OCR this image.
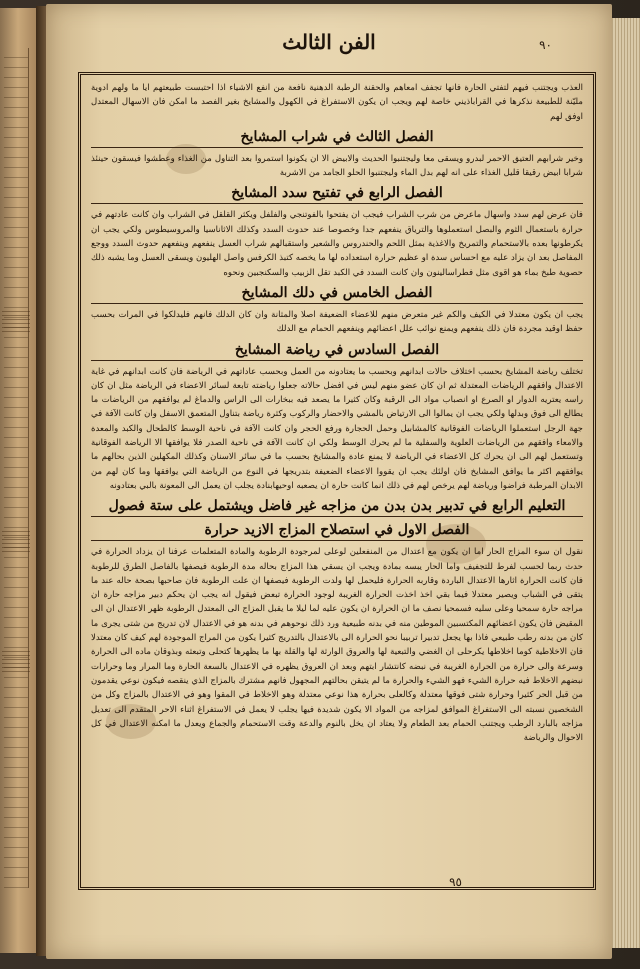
الفن الثالث	٩٠

العذب ويجتنب فيهم لتفتي الحارة فانها تجفف امعاهم والحقنة الرطبة الدهنية نافعة من انفع الاشياء اذا احتبست طبيعتهم ايا ما ولهم ادوية مليّنة للطبيعة نذكرها في القراباذيني خاصة لهم ويجب ان يكون الاستفراغ في الكهول والمشايخ بغير الفصد ما امكن فان الاسهال المعتدل اوفق لهم

الفصل الثالث في شراب المشايخ

وخير شرابهم العتيق الاحمر لبدرو ويسقى معا وليجتنبوا الحديث والابيض الا ان يكونوا استمروا بعد التناول من الغذاء وعطشوا فيسقون حينئذ شرابا ابيض رقيقا قليل الغذاء على انه لهم بدل الماء وليجتنبوا الحلو الجامد من الاشربة

الفصل الرابع في تفتيح سدد المشايخ

فان عرض لهم سدد واسهال ماعرض من شرب الشراب فيجب ان يفتحوا بالفوتنجي والفلفل ويكثر القلقل في الشراب وان كانت عادتهم في حرارة باستعمال الثوم والبصل استعملوها والترياق ينفعهم جدا وخصوصا عند حدوث السدد وكذلك الاثاناسيا والمروسيطوس ولكي يجب ان يكرطونها بعده بالاستحمام والتمريخ والاغذية بمثل اللحم والحندروس والشعير واستقبالهم شراب العسل ينفعهم وينفعهم حدوث السدد ووجع المفاصل بعد ان يزاد عليه مع احساس سدة او عظيم حرارة استعداده لها ما يخصه كتبذ الكرفس واصل الهليون ويسقى العسل وما يشبه ذلك حصوية طبخ بماء هو اقوى مثل فطراسالينون وان كانت السدد في الكبد تقل الزبيب والسكنجبين ونحوه

الفصل الخامس في دلك المشايخ

يجب ان يكون معتدلا في الكيف والكم غير متعرض منهم للاعضاء الضعيفة اصلا والمثانة وان كان الدلك فانهم فليدلكوا في المرات بحسب حفظ اوقيد مجردة فان ذلك ينفعهم ويمنع نوائب علل اعضائهم وينفعهم الحمام مع الدلك

الفصل السادس في رياضة المشايخ

تختلف رياضة المشايخ بحسب اختلاف حالات ابدانهم وبحسب ما يعتادونه من العمل وبحسب عاداتهم في الرياضة فان كانت ابدانهم في غاية الاعتدال وافقهم الرياضات المعتدلة ثم ان كان عضو منهم ليس في افضل حالاته جعلوا رياضته تابعة لسائر الاعضاء في الرياضة مثل ان كان راسه يعتريه الدوار او الصرع او انصباب مواد الى الرقبة وكان كثيرا ما يصعد فيه ببخارات الى الراس والدماغ لم يوافقهم من الرياضات ما يطالع الى فوق وبدلها ولكي يجب ان يمالوا الى الارتياض بالمشي والاحضار والركوب وكثرة رياضة بتناول المتعمق الاسفل وان كانت الآفة في جهة الرجل استعملوا الرياضات الفوقانية كالمشابيل وحمل الحجارة ورفع الحجر وان كانت الآفة في ناحية الوسط كالطحال والكبد والمعدة والامعاء وافقهم من الرياضات العلوية والسفلية ما لم يحرك الوسط ولكي ان كانت الآفة في ناحية الصدر فلا يوافقها الا الرياضة الفوقانية وتستعمل لهم الى ان يحرك كل الاعضاء في الرياضة لا يمنع عادة والمشايخ بحسب ما في سائر الاسنان وكذلك المكهلين الذين بحالهم ما يوافقهم اكثر ما يوافق المشايخ فان اولئك يجب ان يقووا الاعضاء الضعيفة بتدريجها في النوع من الرياضة التي يوافقها وما كان لهم من الابدان المرطبة فراضوا ورياضة لهم يرخص لهم في ذلك انما كانت حارة ان يصعبه اوحيهابنادة يجلب ان يعمل الى المعونة بالبي بعتادونه

التعليم الرابع في تدبير بدن بدن من مزاجه غير فاضل ويشتمل على ستة فصول
الفصل الاول في استصلاح المزاج الازيد حرارة

نقول ان سوء المزاج الحار اما ان يكون مع اعتدال من المنفعلين لوعلى لمرجودة الرطوبة والمادة المتعلمات عرفنا ان يزداد الحرارة في حدث ربما لحسب لفرط للتجفيف واما الحار يبسه بمادة ويجب ان يسقي هذا المزاج بحاله مدة الرطوبة فيصفها بالفاصل الطرق للرطوبة فان كانت الحرارة اثارها الاعتدال الباردة وقاربه الحرارة فليحمل لها ولدت الرطوبة فيصفها ان علت الرطوبة فان صاحبها بصحة حاله عند ما يتقى في الشباب ويصير معتدلا فيما بقي اخذ اخذت الحرارة الغريبة لوجود الحرارة تبعض فيقول انه يجب ان يحكم دبير مزاجه حارة ان مراجه حارة سمحيا وعلى سليه فسمحيا نصف ما ان الحرارة ان يكون عليه لما ليلا ما يقبل المزاج الى المعتدل الرطوبة ظهر الاعتدال ان الى المقيض فان يكون اعضائهم المكتسبين الموطين منه في بدنه طبيعية ورد ذلك نوحوهم في بدنه هو في الاعتدال لان تدريج من شتى يجرى ما كان من بدنه رطب طبيعي فاذا بها يجعل تدبيرا تربيبا نحو الحرارة الى بالاعتدال بالتدريج كثيرا يكون من المراج الموجودة لهم كيف كان معتدلا فان الاخلاطية كوما اخلاطها يكرحلى ان الغضي والتبعية لها والعروق الوارثة لها والقلة بها ما يظهرها كتحلى وتبعثه وبذوقان ماده الى الحرارة وسرعة والى حرارة من الحرارة الغريبة في نبضه كانتشار ابتهم وبعد ان العروق يظهره في الاعتدال بالسعة الحارة وما المرار وما وحرارات نبضهم الاخلاط فيه حرارة الشيء فهو الشيء والحرارة ما لم يتيقن بحالتهم المجهول فانهم مشترك بالمزاج الذي ينقصه فيكون نوعي يقدمون من قبل الحر كثيرا وحرارة شتى فوقها معتدلة وكالعلى بحرارة هذا نوعي معتدلة وهو الاخلاط في المقوا وهو في الاعتدال بالمزاج وكل من الشخصين نسبته الى الاستفراغ الموافق لمزاجه من المواد الا يكون شديدة فيها يجلب لا يعمل في الاستفراغ اثناء الاحر المتقدم الى تعديل مزاجه بالبارد الرطب ويجتنب الحمام بعد الطعام ولا يعتاد ان يخل بالنوم والدعة وقت الاستحمام والجماع ويعدل ما امكنه الاعتدال في كل الاحوال والرياضة

٩٥
